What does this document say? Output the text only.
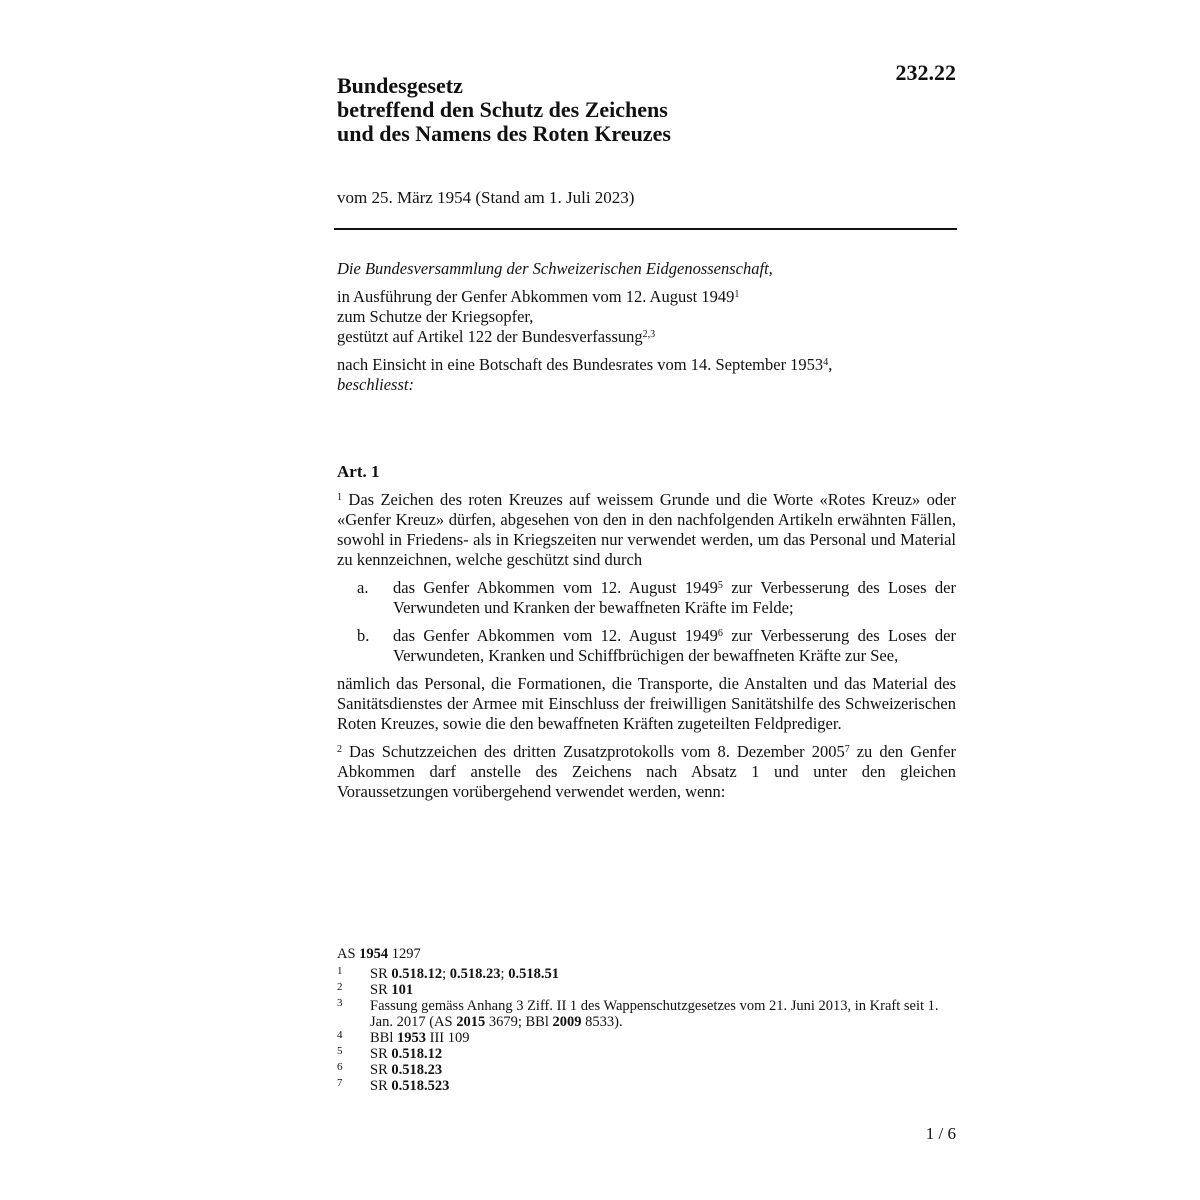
232.22
Bundesgesetz
betreffend den Schutz des Zeichens
und des Namens des Roten Kreuzes
vom 25. März 1954 (Stand am 1. Juli 2023)

Die Bundesversammlung der Schweizerischen Eidgenossenschaft,

in Ausführung der Genfer Abkommen vom 12. August 1949$^1$

zum Schutze der Kriegsopfer,

gestützt auf Artikel 122 der Bundesverfassung$^{2,3}$

nach Einsicht in eine Botschaft des Bundesrates vom 14. September 1953$^4$,

beschliesst:

Art. 1

$^1$ Das Zeichen des roten Kreuzes auf weissem Grunde und die Worte «Rotes Kreuz» oder «Genfer Kreuz» dürfen, abgesehen von den in den nachfolgenden Artikeln erwähnten Fällen, sowohl in Friedens- als in Kriegszeiten nur verwendet werden, um das Personal und Material zu kennzeichnen, welche geschützt sind durch

a.	das Genfer Abkommen vom 12. August 1949$^5$ zur Verbesserung des Loses der Verwundeten und Kranken der bewaffneten Kräfte im Felde;
b.	das Genfer Abkommen vom 12. August 1949$^6$ zur Verbesserung des Loses der Verwundeten, Kranken und Schiffbrüchigen der bewaffneten Kräfte zur See,

nämlich das Personal, die Formationen, die Transporte, die Anstalten und das Material des Sanitätsdienstes der Armee mit Einschluss der freiwilligen Sanitätshilfe des Schweizerischen Roten Kreuzes, sowie die den bewaffneten Kräften zugeteilten Feldprediger.

$^2$ Das Schutzzeichen des dritten Zusatzprotokolls vom 8. Dezember 2005$^7$ zu den Genfer Abkommen darf anstelle des Zeichens nach Absatz 1 und unter den gleichen Voraussetzungen vorübergehend verwendet werden, wenn:

AS 1954 1297
1	SR 0.518.12; 0.518.23; 0.518.51
2	SR 101
3	Fassung gemäss Anhang 3 Ziff. II 1 des Wappenschutzgesetzes vom 21. Juni 2013, in Kraft seit 1. Jan. 2017 (AS 2015 3679; BBl 2009 8533).
4	BBl 1953 III 109
5	SR 0.518.12
6	SR 0.518.23
7	SR 0.518.523
1 / 6
